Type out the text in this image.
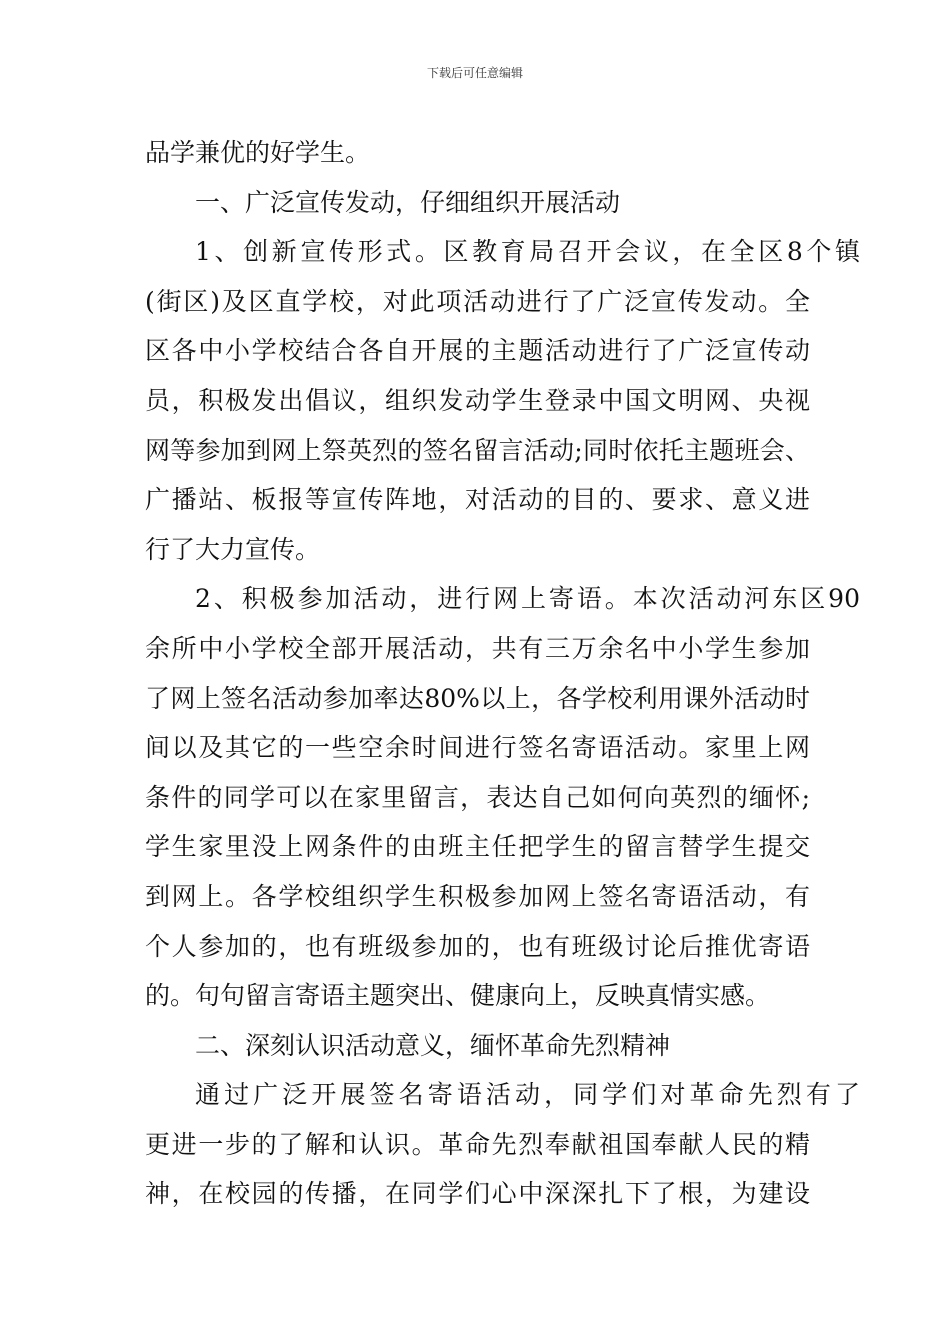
下载后可任意编辑
品学兼优的好学生。
一、广泛宣传发动，仔细组织开展活动
1、创新宣传形式。区教育局召开会议，在全区8个镇
(街区)及区直学校，对此项活动进行了广泛宣传发动。全
区各中小学校结合各自开展的主题活动进行了广泛宣传动
员，积极发出倡议，组织发动学生登录中国文明网、央视
网等参加到网上祭英烈的签名留言活动;同时依托主题班会、
广播站、板报等宣传阵地，对活动的目的、要求、意义进
行了大力宣传。
2、积极参加活动，进行网上寄语。本次活动河东区90
余所中小学校全部开展活动，共有三万余名中小学生参加
了网上签名活动参加率达80%以上，各学校利用课外活动时
间以及其它的一些空余时间进行签名寄语活动。家里上网
条件的同学可以在家里留言，表达自己如何向英烈的缅怀;
学生家里没上网条件的由班主任把学生的留言替学生提交
到网上。各学校组织学生积极参加网上签名寄语活动，有
个人参加的，也有班级参加的，也有班级讨论后推优寄语
的。句句留言寄语主题突出、健康向上，反映真情实感。
二、深刻认识活动意义，缅怀革命先烈精神
通过广泛开展签名寄语活动，同学们对革命先烈有了
更进一步的了解和认识。革命先烈奉献祖国奉献人民的精
神，在校园的传播，在同学们心中深深扎下了根，为建设
